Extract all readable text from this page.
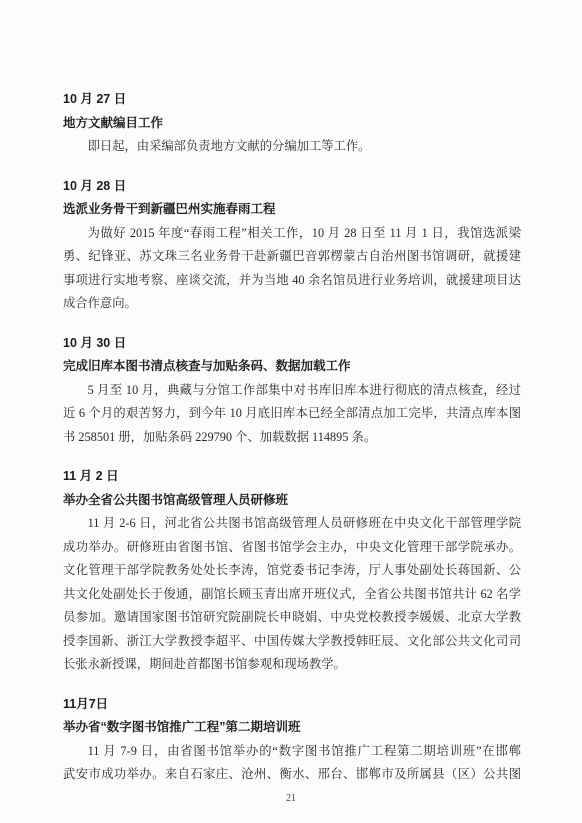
10 月 27 日
地方文献编目工作
即日起，由采编部负责地方文献的分编加工等工作。
10 月 28 日
选派业务骨干到新疆巴州实施春雨工程
为做好 2015 年度“春雨工程”相关工作，10 月 28 日至 11 月 1 日，我馆选派梁
勇、纪锋亚、苏文珠三名业务骨干赴新疆巴音郭楞蒙古自治州图书馆调研，就援建
事项进行实地考察、座谈交流，并为当地 40 余名馆员进行业务培训，就援建项目达
成合作意向。
10 月 30 日
完成旧库本图书清点核查与加贴条码、数据加载工作
5 月至 10 月，典藏与分馆工作部集中对书库旧库本进行彻底的清点核查，经过
近 6 个月的艰苦努力，到今年 10 月底旧库本已经全部清点加工完毕，共清点库本图
书 258501 册，加贴条码 229790 个、加载数据 114895 条。
11 月 2 日
举办全省公共图书馆高级管理人员研修班
11 月 2-6 日，河北省公共图书馆高级管理人员研修班在中央文化干部管理学院
成功举办。研修班由省图书馆、省图书馆学会主办，中央文化管理干部学院承办。
文化管理干部学院教务处处长李涛，馆党委书记李涛，厅人事处副处长蒋国新、公
共文化处副处长于俊通，副馆长顾玉青出席开班仪式，全省公共图书馆共计 62 名学
员参加。邀请国家图书馆研究院副院长申晓娟、中央党校教授李媛媛、北京大学教
授李国新、浙江大学教授李超平、中国传媒大学教授韩旺辰、文化部公共文化司司
长张永新授课，期间赴首都图书馆参观和现场教学。
11月7日
举办省“数字图书馆推广工程”第二期培训班
11 月 7-9 日，由省图书馆举办的“数字图书馆推广工程第二期培训班”在邯郸
武安市成功举办。来自石家庄、沧州、衡水、邢台、邯郸市及所属县（区）公共图
21
